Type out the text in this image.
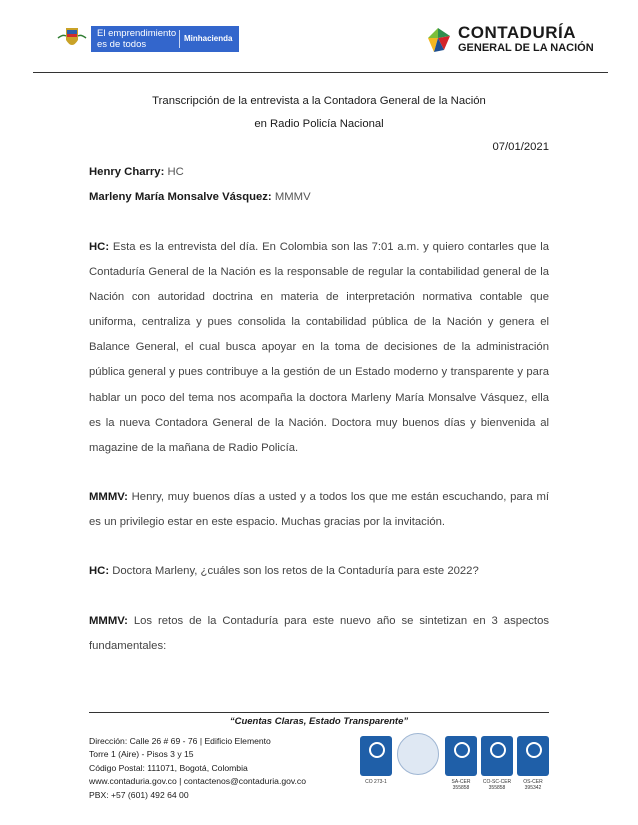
El emprendimiento
es de todos
Minhacienda	CONTADURÍA
GENERAL DE LA NACIÓN
Transcripción de la entrevista a la Contadora General de la Nación
en Radio Policía Nacional
07/01/2021
Henry Charry: HC
Marleny María Monsalve Vásquez: MMMV
HC: Esta es la entrevista del día. En Colombia son las 7:01 a.m. y quiero contarles que la Contaduría General de la Nación es la responsable de regular la contabilidad general de la Nación con autoridad doctrina en materia de interpretación normativa contable que uniforma, centraliza y pues consolida la contabilidad pública de la Nación y genera el Balance General, el cual busca apoyar en la toma de decisiones de la administración pública general y pues contribuye a la gestión de un Estado moderno y transparente y para hablar un poco del tema nos acompaña la doctora Marleny María Monsalve Vásquez, ella es la nueva Contadora General de la Nación. Doctora muy buenos días y bienvenida al magazine de la mañana de Radio Policía.
MMMV: Henry, muy buenos días a usted y a todos los que me están escuchando, para mí es un privilegio estar en este espacio. Muchas gracias por la invitación.
HC: Doctora Marleny, ¿cuáles son los retos de la Contaduría para este 2022?
MMMV: Los retos de la Contaduría para este nuevo año se sintetizan en 3 aspectos fundamentales:
“Cuentas Claras, Estado Transparente”
Dirección: Calle 26 # 69 - 76 | Edificio Elemento
Torre 1 (Aire) - Pisos 3 y 15
Código Postal: 111071, Bogotá, Colombia
www.contaduria.gov.co | contactenos@contaduria.gov.co
PBX: +57 (601) 492 64 00
CO 273-1	SA-CER 355858
CO-SC-CER 355858
OS-CER 395342
